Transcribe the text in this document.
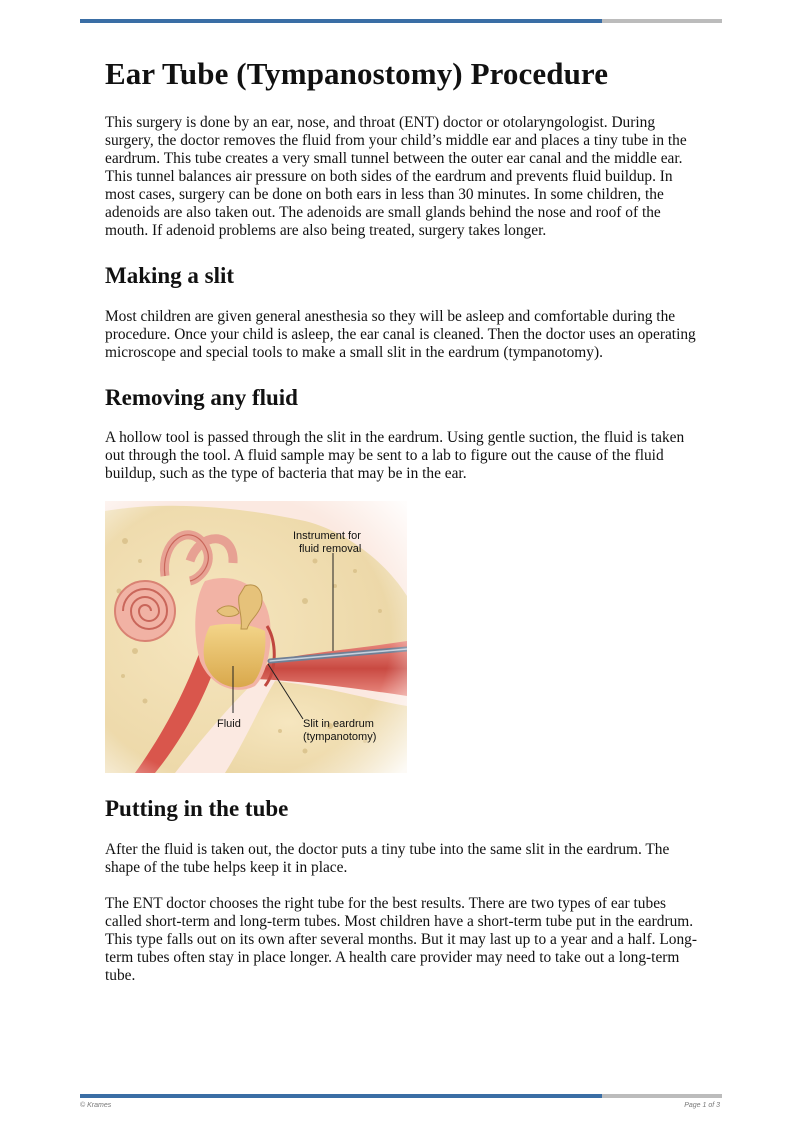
Ear Tube (Tympanostomy) Procedure

This surgery is done by an ear, nose, and throat (ENT) doctor or otolaryngologist. During surgery, the doctor removes the fluid from your child’s middle ear and places a tiny tube in the eardrum. This tube creates a very small tunnel between the outer ear canal and the middle ear. This tunnel balances air pressure on both sides of the eardrum and prevents fluid buildup. In most cases, surgery can be done on both ears in less than 30 minutes. In some children, the adenoids are also taken out. The adenoids are small glands behind the nose and roof of the mouth. If adenoid problems are also being treated, surgery takes longer.

Making a slit

Most children are given general anesthesia so they will be asleep and comfortable during the procedure. Once your child is asleep, the ear canal is cleaned. Then the doctor uses an operating microscope and special tools to make a small slit in the eardrum (tympanotomy).

Removing any fluid

A hollow tool is passed through the slit in the eardrum. Using gentle suction, the fluid is taken out through the tool. A fluid sample may be sent to a lab to figure out the cause of the fluid buildup, such as the type of bacteria that may be in the ear.

Instrument for
fluid removal
Fluid	Slit in eardrum
(tympanotomy)
Putting in the tube

After the fluid is taken out, the doctor puts a tiny tube into the same slit in the eardrum. The shape of the tube helps keep it in place.

The ENT doctor chooses the right tube for the best results. There are two types of ear tubes called short-term and long-term tubes. Most children have a short-term tube put in the eardrum. This type falls out on its own after several months. But it may last up to a year and a half. Long-term tubes often stay in place longer. A health care provider may need to take out a long-term tube.

© Krames	Page 1 of 3
